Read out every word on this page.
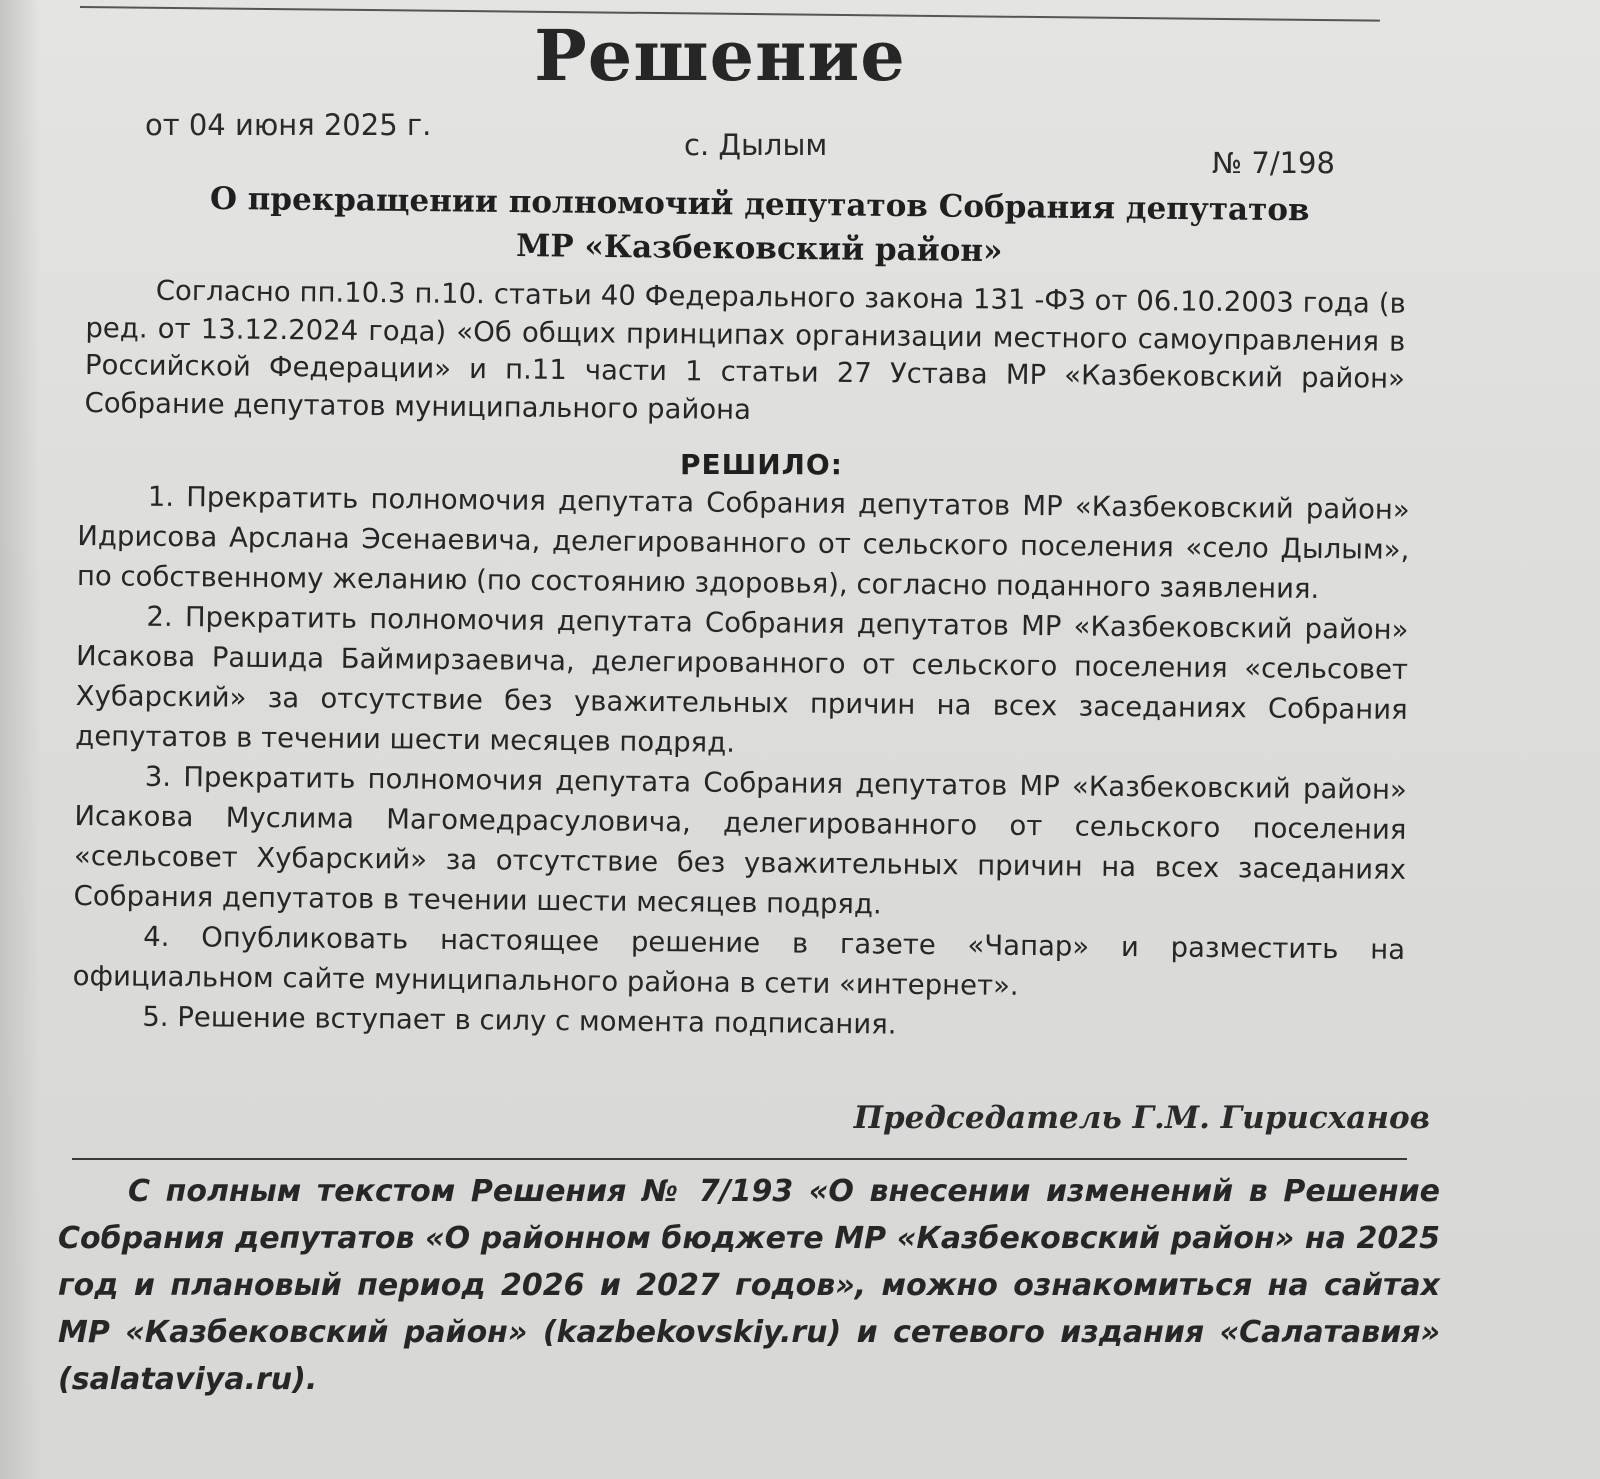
Решение
от 04 июня 2025 г.
с. Дылым
№ 7/198
О прекращении полномочий депутатов Собрания депутатов
МР «Казбековский район»

Согласно пп.10.3 п.10. статьи 40 Федерального закона 131 -ФЗ от 06.10.2003 года (в ред. от 13.12.2024 года) «Об общих принципах организации местного самоуправления в Российской Федерации» и п.11 части 1 статьи 27 Устава МР «Казбековский район» Собрание депутатов муниципального района

РЕШИЛО:

1. Прекратить полномочия депутата Собрания депутатов МР «Казбековский район» Идрисова Арслана Эсенаевича, делегированного от сельского поселения «село Дылым», по собственному желанию (по состоянию здоровья), согласно поданного заявления.

2. Прекратить полномочия депутата Собрания депутатов МР «Казбековский район» Исакова Рашида Баймирзаевича, делегированного от сельского поселения «сельсовет Хубарский» за отсутствие без уважительных причин на всех заседаниях Собрания депутатов в течении шести месяцев подряд.

3. Прекратить полномочия депутата Собрания депутатов МР «Казбековский район» Исакова Муслима Магомедрасуловича, делегированного от сельского поселения «сельсовет Хубарский» за отсутствие без уважительных причин на всех заседаниях Собрания депутатов в течении шести месяцев подряд.

4. Опубликовать настоящее решение в газете «Чапар» и разместить на официальном сайте муниципального района в сети «интернет».

5. Решение вступает в силу с момента подписания.

Председатель Г.М. Гирисханов

С полным текстом Решения № 7/193 «О внесении изменений в Решение Собрания депутатов «О районном бюджете МР «Казбековский район» на 2025 год и плановый период 2026 и 2027 годов», можно ознакомиться на сайтах МР «Казбековский район» (kazbekovskiy.ru) и сетевого издания «Салатавия» (salataviya.ru).
